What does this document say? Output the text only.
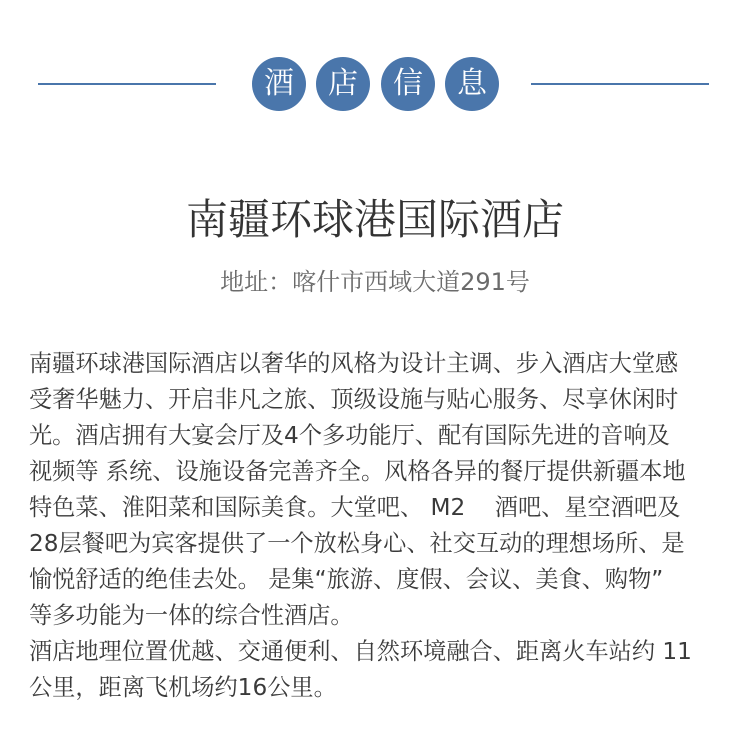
酒	店	信	息
南疆环球港国际酒店
地址：喀什市西域大道291号

南疆环球港国际酒店以奢华的风格为设计主调、步入酒店大堂感

受奢华魅力、开启非凡之旅、顶级设施与贴心服务、尽享休闲时

光。酒店拥有大宴会厅及4个多功能厅、配有国际先进的音响及

视频等 系统、设施设备完善齐全。风格各异的餐厅提供新疆本地

特色菜、淮阳菜和国际美食。大堂吧、 M2    酒吧、星空酒吧及

28层餐吧为宾客提供了一个放松身心、社交互动的理想场所、是

愉悦舒适的绝佳去处。 是集“旅游、度假、会议、美食、购物”

等多功能为一体的综合性酒店。

酒店地理位置优越、交通便利、自然环境融合、距离火车站约 11

公里，距离飞机场约16公里。
